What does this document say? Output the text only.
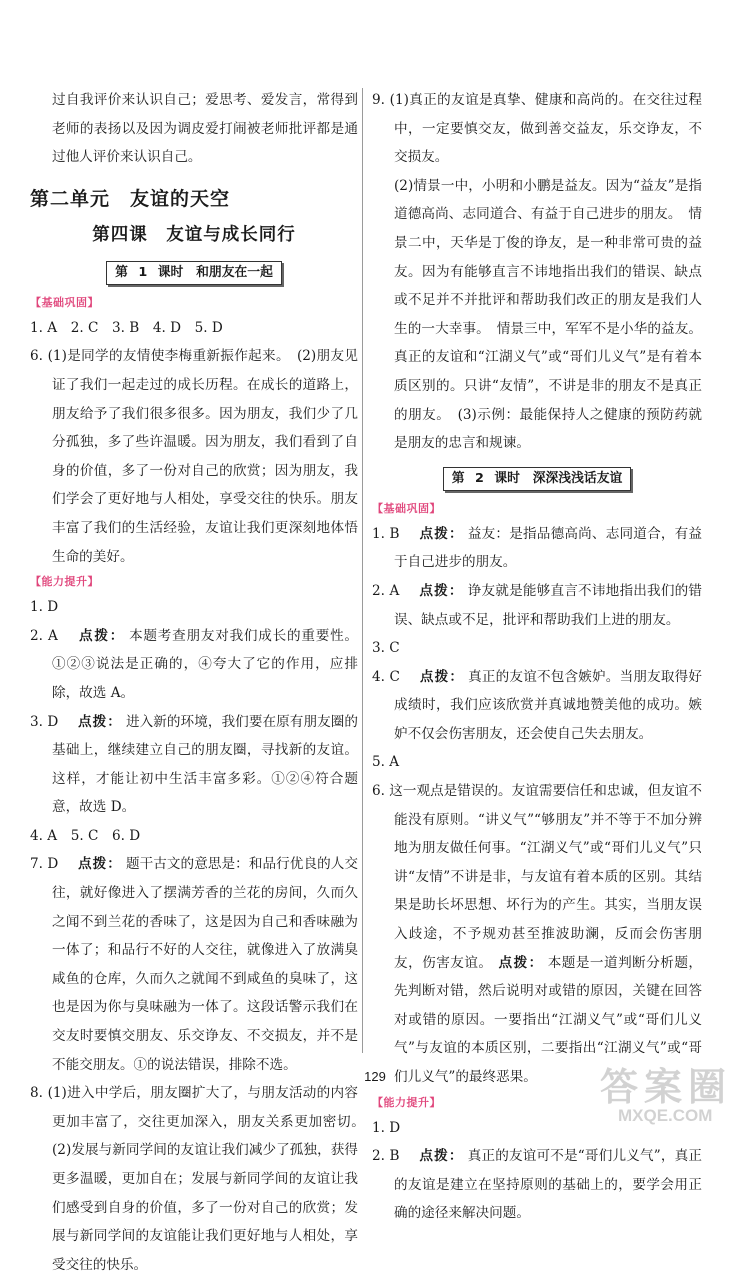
过自我评价来认识自己；爱思考、爱发言，常得到老师的表扬以及因为调皮爱打闹被老师批评都是通过他人评价来认识自己。

第二单元　友谊的天空
第四课　友谊与成长同行
第 1 课时　和朋友在一起
【基础巩固】

1. A　2. C　3. B　4. D　5. D

6. (1)是同学的友情使李梅重新振作起来。　(2)朋友见证了我们一起走过的成长历程。在成长的道路上，朋友给予了我们很多很多。因为朋友，我们少了几分孤独，多了些许温暖。因为朋友，我们看到了自身的价值，多了一份对自己的欣赏；因为朋友，我们学会了更好地与人相处，享受交往的快乐。朋友丰富了我们的生活经验，友谊让我们更深刻地体悟生命的美好。

【能力提升】

1. D

2. A　点拨： 本题考查朋友对我们成长的重要性。①②③说法是正确的，④夸大了它的作用，应排除，故选 A。

3. D　点拨： 进入新的环境，我们要在原有朋友圈的基础上，继续建立自己的朋友圈，寻找新的友谊。这样，才能让初中生活丰富多彩。①②④符合题意，故选 D。

4. A　5. C　6. D

7. D　点拨： 题干古文的意思是：和品行优良的人交往，就好像进入了摆满芳香的兰花的房间，久而久之闻不到兰花的香味了，这是因为自己和香味融为一体了；和品行不好的人交往，就像进入了放满臭咸鱼的仓库，久而久之就闻不到咸鱼的臭味了，这也是因为你与臭味融为一体了。这段话警示我们在交友时要慎交朋友、乐交诤友、不交损友，并不是不能交朋友。①的说法错误，排除不选。

8. (1)进入中学后，朋友圈扩大了，与朋友活动的内容更加丰富了，交往更加深入，朋友关系更加密切。　(2)发展与新同学间的友谊让我们减少了孤独，获得更多温暖，更加自在；发展与新同学间的友谊让我们感受到自身的价值，多了一份对自己的欣赏；发展与新同学间的友谊能让我们更好地与人相处，享受交往的快乐。

9. (1)真正的友谊是真挚、健康和高尚的。在交往过程中，一定要慎交友，做到善交益友，乐交诤友，不交损友。

(2)情景一中，小明和小鹏是益友。因为“益友”是指道德高尚、志同道合、有益于自己进步的朋友。　情景二中，天华是丁俊的诤友，是一种非常可贵的益友。因为有能够直言不讳地指出我们的错误、缺点或不足并不并批评和帮助我们改正的朋友是我们人生的一大幸事。　情景三中，军军不是小华的益友。真正的友谊和“江湖义气”或“哥们儿义气”是有着本质区别的。只讲“友情”，不讲是非的朋友不是真正的朋友。　(3)示例：最能保持人之健康的预防药就是朋友的忠言和规谏。

第 2 课时　深深浅浅话友谊
【基础巩固】

1. B　点拨： 益友：是指品德高尚、志同道合，有益于自己进步的朋友。

2. A　点拨： 诤友就是能够直言不讳地指出我们的错误、缺点或不足，批评和帮助我们上进的朋友。

3. C

4. C　点拨： 真正的友谊不包含嫉妒。当朋友取得好成绩时，我们应该欣赏并真诚地赞美他的成功。嫉妒不仅会伤害朋友，还会使自己失去朋友。

5. A

6. 这一观点是错误的。友谊需要信任和忠诚，但友谊不能没有原则。“讲义气”“够朋友”并不等于不加分辨地为朋友做任何事。“江湖义气”或“哥们儿义气”只讲“友情”不讲是非，与友谊有着本质的区别。其结果是助长坏思想、坏行为的产生。其实，当朋友误入歧途，不予规劝甚至推波助澜，反而会伤害朋友，伤害友谊。 点拨： 本题是一道判断分析题，先判断对错，然后说明对或错的原因，关键在回答对或错的原因。一要指出“江湖义气”或“哥们儿义气”与友谊的本质区别，二要指出“江湖义气”或“哥们儿义气”的最终恶果。

【能力提升】

1. D

2. B　点拨： 真正的友谊可不是“哥们儿义气”，真正的友谊是建立在坚持原则的基础上的，要学会用正确的途径来解决问题。

129	答案圈
MXQE.COM
